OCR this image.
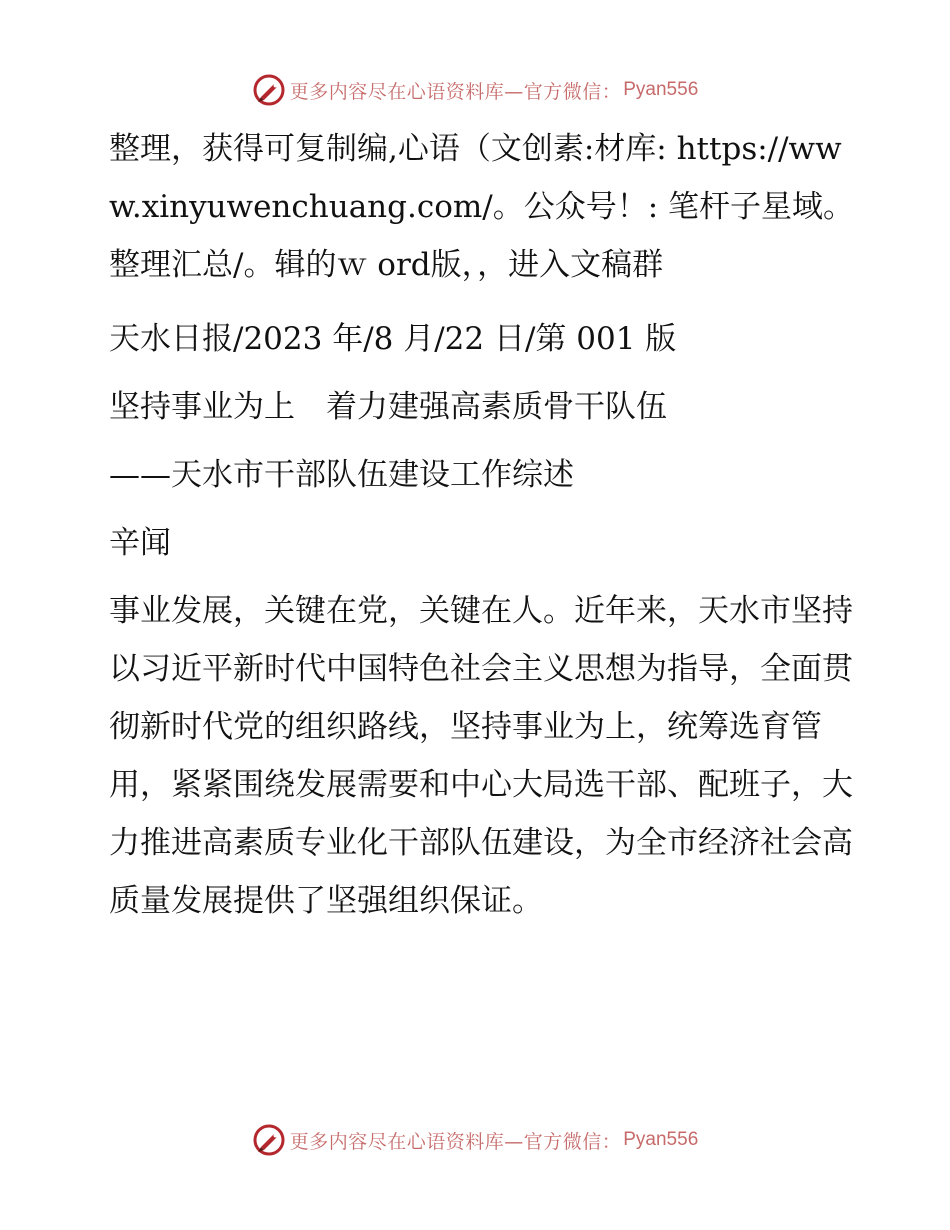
更多内容尽在心语资料库—官方微信： Pyan556

整理，获得可复制编,心语（文创素:材库: https://www.xinyuwenchuang.com/。公众号！: 笔杆子星域。整理汇总/。辑的ｗ ord版，，进入文稿群

天水日报/2023 年/8 月/22 日/第 001 版

坚持事业为上　着力建强高素质骨干队伍

——天水市干部队伍建设工作综述

辛闻

事业发展，关键在党，关键在人。近年来，天水市坚持以习近平新时代中国特色社会主义思想为指导，全面贯彻新时代党的组织路线，坚持事业为上，统筹选育管用，紧紧围绕发展需要和中心大局选干部、配班子，大力推进高素质专业化干部队伍建设，为全市经济社会高质量发展提供了坚强组织保证。

更多内容尽在心语资料库—官方微信： Pyan556
